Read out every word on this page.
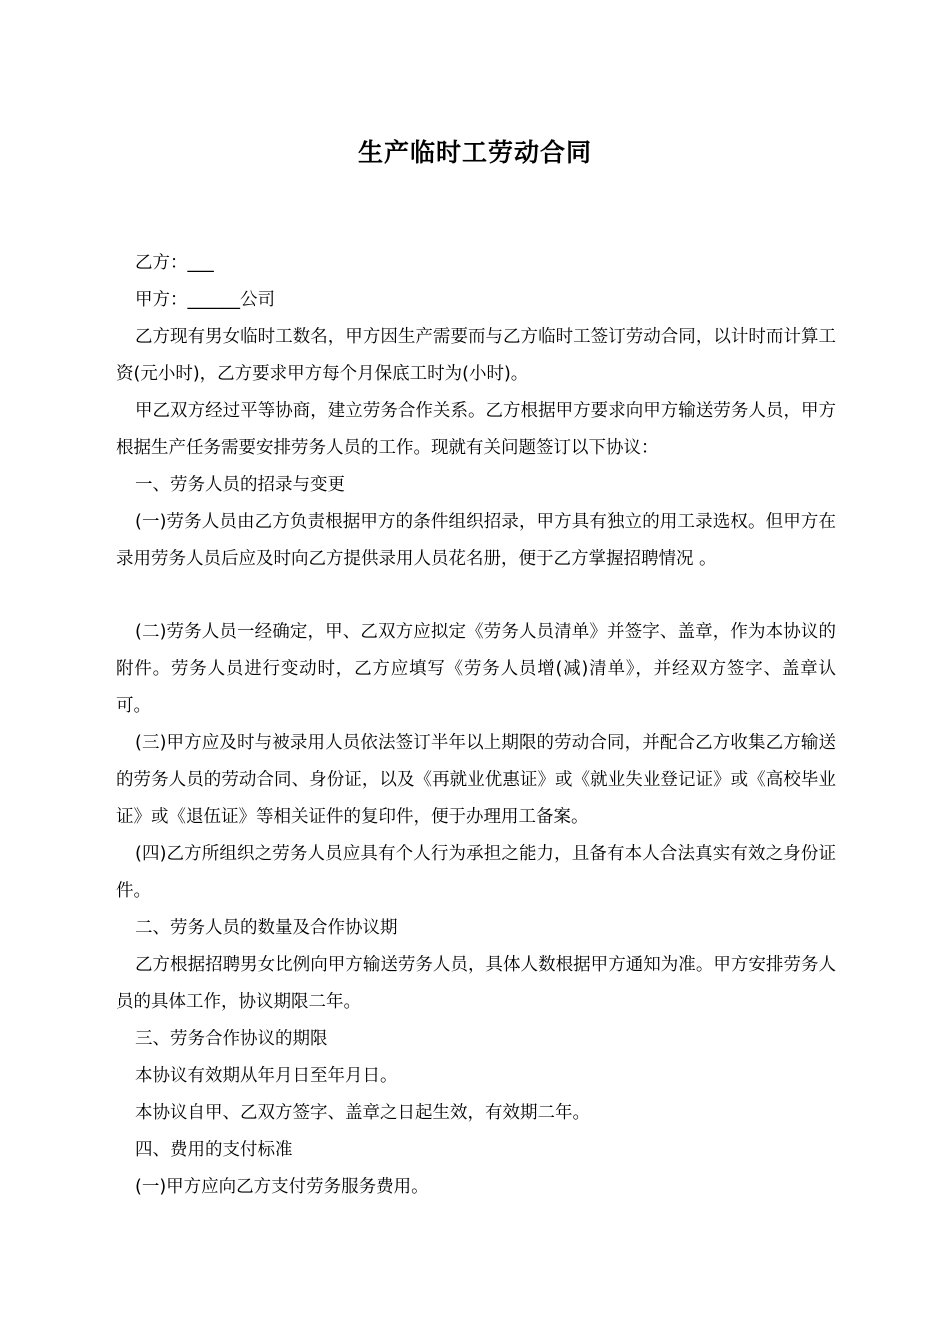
生产临时工劳动合同

乙方：___

甲方：______公司

乙方现有男女临时工数名，甲方因生产需要而与乙方临时工签订劳动合同，以计时而计算工资(元小时)，乙方要求甲方每个月保底工时为(小时)。

甲乙双方经过平等协商，建立劳务合作关系。乙方根据甲方要求向甲方输送劳务人员，甲方根据生产任务需要安排劳务人员的工作。现就有关问题签订以下协议：

一、劳务人员的招录与变更

(一)劳务人员由乙方负责根据甲方的条件组织招录，甲方具有独立的用工录选权。但甲方在录用劳务人员后应及时向乙方提供录用人员花名册，便于乙方掌握招聘情况 。

(二)劳务人员一经确定，甲、乙双方应拟定《劳务人员清单》并签字、盖章，作为本协议的附件。劳务人员进行变动时，乙方应填写《劳务人员增(减)清单》，并经双方签字、盖章认可。

(三)甲方应及时与被录用人员依法签订半年以上期限的劳动合同，并配合乙方收集乙方输送的劳务人员的劳动合同、身份证，以及《再就业优惠证》或《就业失业登记证》或《高校毕业证》或《退伍证》等相关证件的复印件，便于办理用工备案。

(四)乙方所组织之劳务人员应具有个人行为承担之能力，且备有本人合法真实有效之身份证件。

二、劳务人员的数量及合作协议期

乙方根据招聘男女比例向甲方输送劳务人员，具体人数根据甲方通知为准。甲方安排劳务人员的具体工作，协议期限二年。

三、劳务合作协议的期限

本协议有效期从年月日至年月日。

本协议自甲、乙双方签字、盖章之日起生效，有效期二年。

四、费用的支付标准

(一)甲方应向乙方支付劳务服务费用。
